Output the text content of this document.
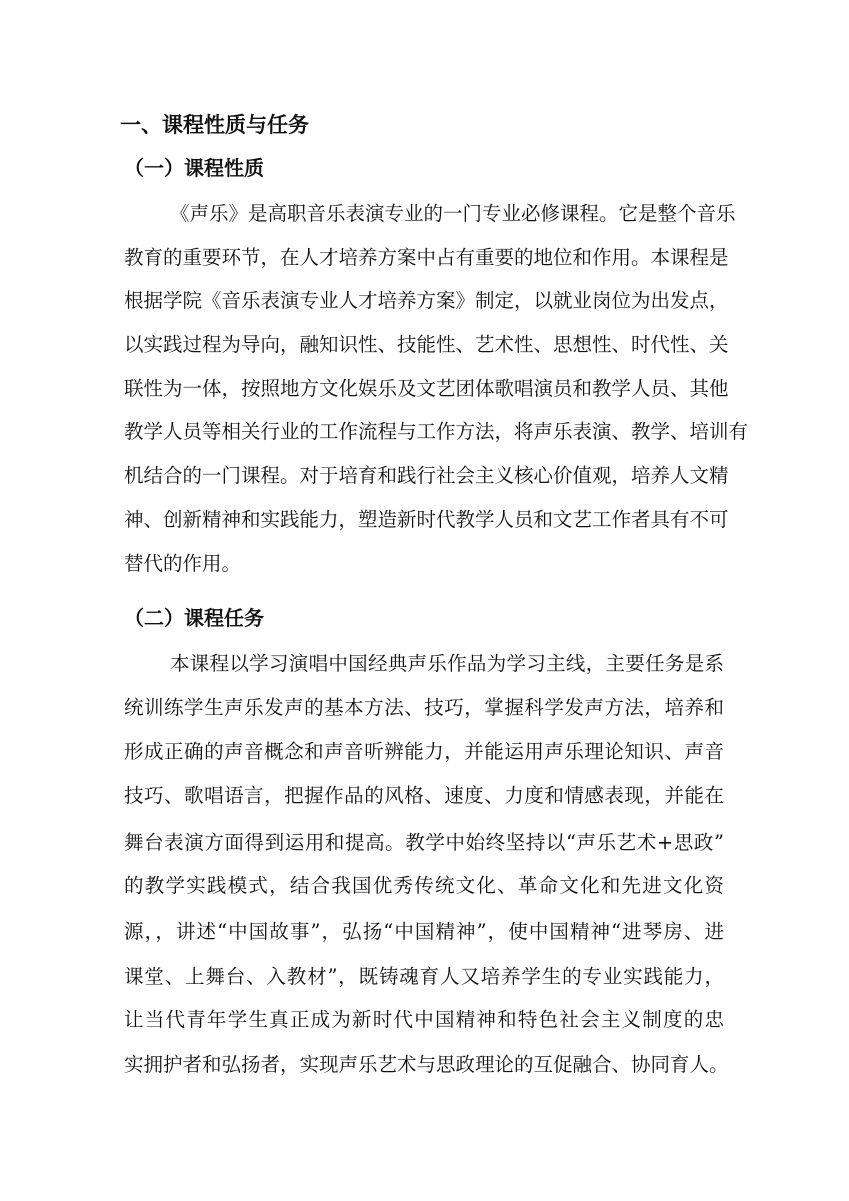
一、课程性质与任务
（一）课程性质

《声乐》是高职音乐表演专业的一门专业必修课程。它是整个音乐

教育的重要环节，在人才培养方案中占有重要的地位和作用。本课程是

根据学院《音乐表演专业人才培养方案》制定，以就业岗位为出发点，

以实践过程为导向，融知识性、技能性、艺术性、思想性、时代性、关

联性为一体，按照地方文化娱乐及文艺团体歌唱演员和教学人员、其他

教学人员等相关行业的工作流程与工作方法，将声乐表演、教学、培训有

机结合的一门课程。对于培育和践行社会主义核心价值观，培养人文精

神、创新精神和实践能力，塑造新时代教学人员和文艺工作者具有不可

替代的作用。

（二）课程任务

本课程以学习演唱中国经典声乐作品为学习主线，主要任务是系

统训练学生声乐发声的基本方法、技巧，掌握科学发声方法，培养和

形成正确的声音概念和声音听辨能力，并能运用声乐理论知识、声音

技巧、歌唱语言，把握作品的风格、速度、力度和情感表现，并能在

舞台表演方面得到运用和提高。教学中始终坚持以“声乐艺术+思政”

的教学实践模式，结合我国优秀传统文化、革命文化和先进文化资

源，，讲述“中国故事”，弘扬“中国精神”，使中国精神“进琴房、进

课堂、上舞台、入教材”，既铸魂育人又培养学生的专业实践能力，

让当代青年学生真正成为新时代中国精神和特色社会主义制度的忠

实拥护者和弘扬者，实现声乐艺术与思政理论的互促融合、协同育人。
